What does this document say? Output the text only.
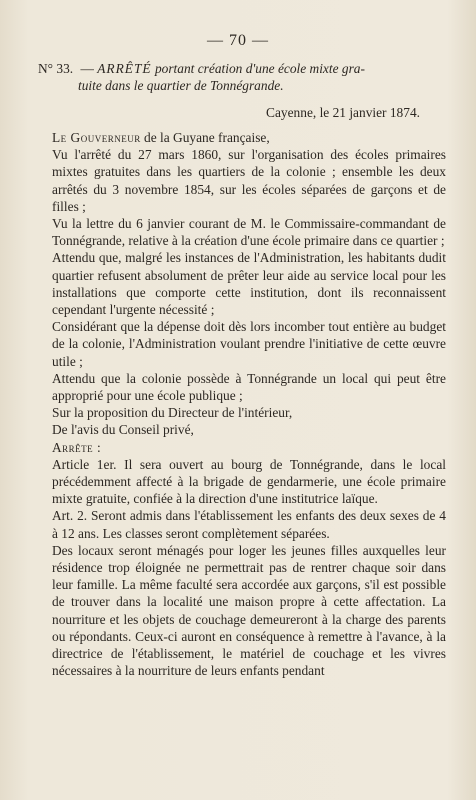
— 70 —
N° 33. — ARRÊTÉ portant création d'une école mixte gra-
tuite dans le quartier de Tonnégrande.
Cayenne, le 21 janvier 1874.

Le Gouverneur de la Guyane française,

Vu l'arrêté du 27 mars 1860, sur l'organisation des écoles primaires mixtes gratuites dans les quartiers de la colonie ; ensemble les deux arrêtés du 3 novembre 1854, sur les écoles séparées de garçons et de filles ;

Vu la lettre du 6 janvier courant de M. le Commissaire-commandant de Tonnégrande, relative à la création d'une école primaire dans ce quartier ;

Attendu que, malgré les instances de l'Administration, les habitants dudit quartier refusent absolument de prêter leur aide au service local pour les installations que comporte cette institution, dont ils reconnaissent cependant l'urgente nécessité ;

Considérant que la dépense doit dès lors incomber tout entière au budget de la colonie, l'Administration voulant prendre l'initiative de cette œuvre utile ;

Attendu que la colonie possède à Tonnégrande un local qui peut être approprié pour une école publique ;

Sur la proposition du Directeur de l'intérieur,

De l'avis du Conseil privé,

Arrête :

Article 1er. Il sera ouvert au bourg de Tonnégrande, dans le local précédemment affecté à la brigade de gendarmerie, une école primaire mixte gratuite, confiée à la direction d'une institutrice laïque.

Art. 2. Seront admis dans l'établissement les enfants des deux sexes de 4 à 12 ans. Les classes seront complètement séparées.

Des locaux seront ménagés pour loger les jeunes filles auxquelles leur résidence trop éloignée ne permettrait pas de rentrer chaque soir dans leur famille. La même faculté sera accordée aux garçons, s'il est possible de trouver dans la localité une maison propre à cette affectation. La nourriture et les objets de couchage demeureront à la charge des parents ou répondants. Ceux-ci auront en conséquence à remettre à l'avance, à la directrice de l'établissement, le matériel de couchage et les vivres nécessaires à la nourriture de leurs enfants pendant
